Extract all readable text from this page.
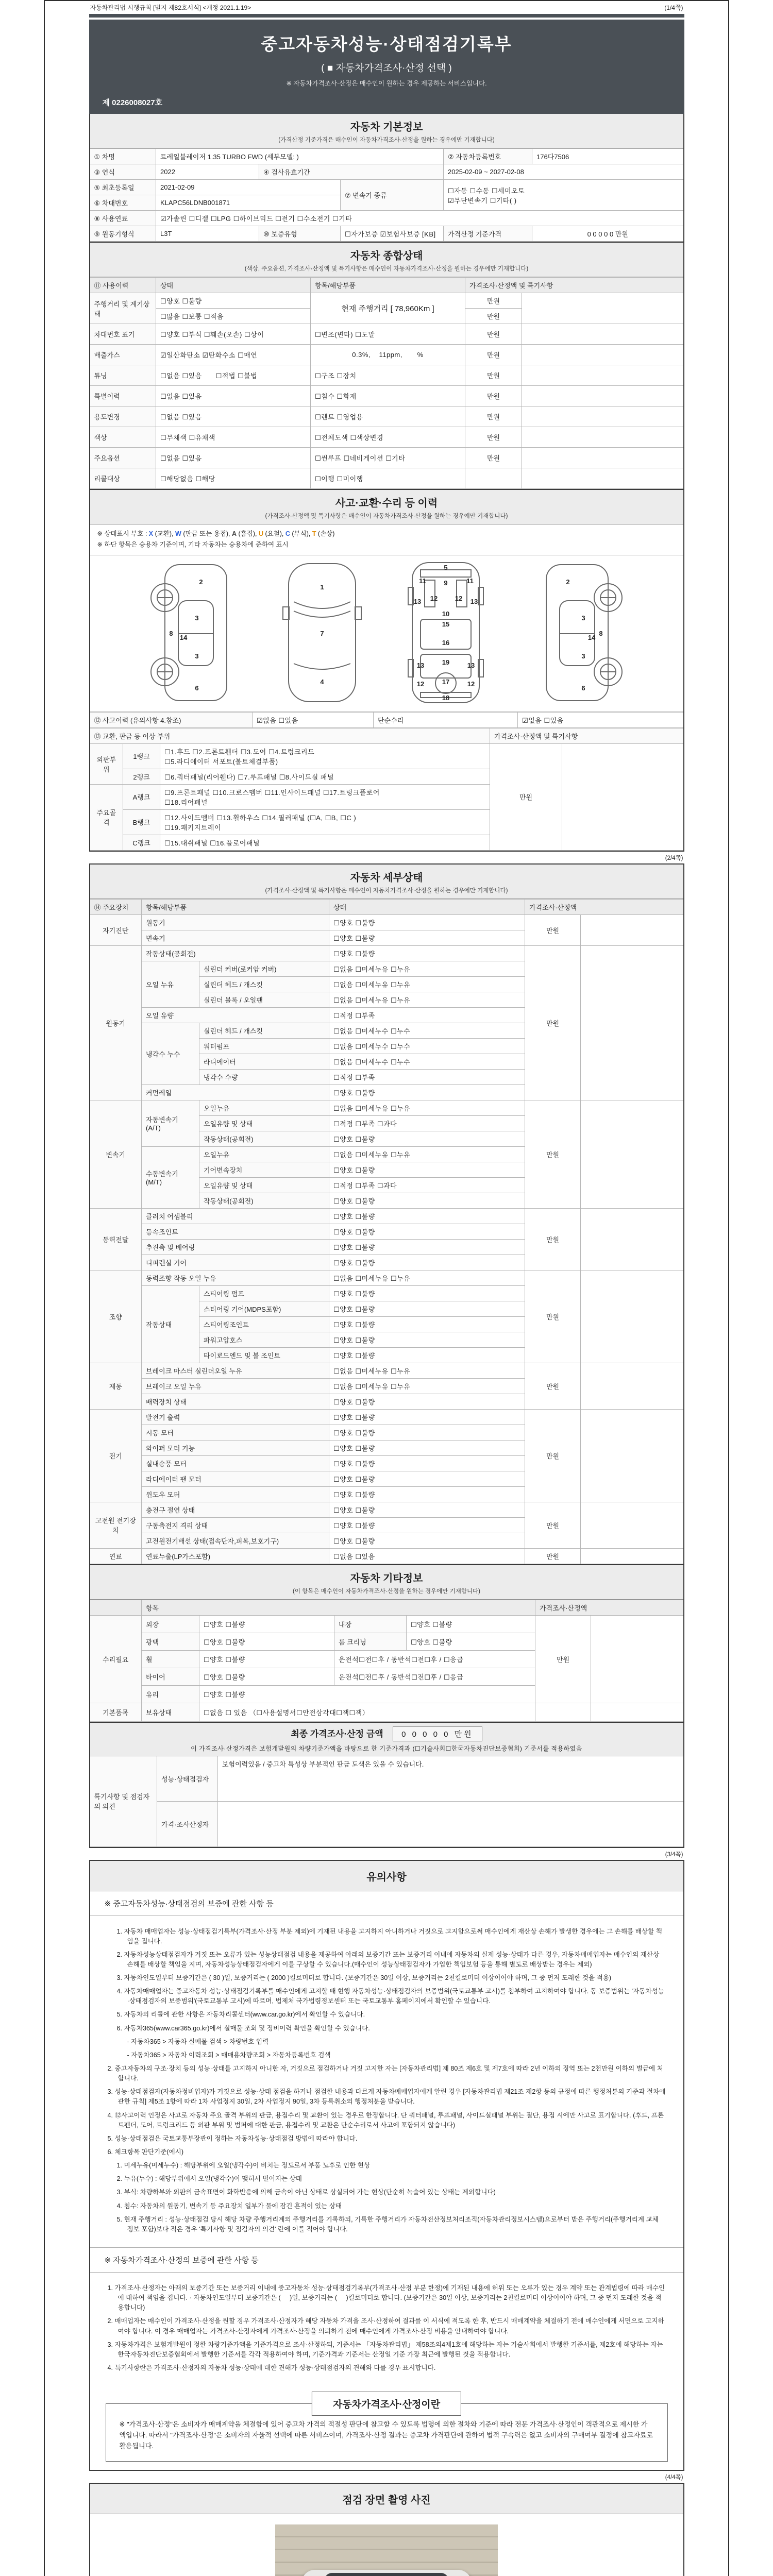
자동차관리법 시행규칙 [별지 제82호서식] <개정 2021.1.19>	(1/4쪽)
중고자동차성능·상태점검기록부
( ■ 자동차가격조사·산정 선택 )
※ 자동차가격조사·산정은 매수인이 원하는 경우 제공하는 서비스입니다.
제 0226008027호
자동차 기본정보
(가격산정 기준가격은 매수인이 자동차가격조사·산정을 원하는 경우에만 기재합니다)
① 차명	트레일블레이저 1.35 TURBO FWD (세부모델: )			② 자동차등록번호	176다7506
③ 연식	2022	④ 검사유효기간		2025-02-09 ~ 2027-02-08	
⑤ 최초등록일	2021-02-09		⑦ 변속기 종류	☐자동 ☐수동 ☐세미오토
☑무단변속기 ☐기타( )	

⑥ 차대번호	KLAPC56LDNB001871				
⑧ 사용연료	☑가솔린 ☐디젤 ☐LPG ☐하이브리드 ☐전기 ☐수소전기 ☐기타				
⑨ 원동기형식	L3T	⑩ 보증유형	☐자가보증 ☑보험사보증 [KB]	가격산정 기준가격	0 0 0 0 0 만원
자동차 종합상태
(색상, 주요옵션, 가격조사·산정액 및 특기사항은 매수인이 자동차가격조사·산정을 원하는 경우에만 기재합니다)
⑪ 사용이력	상태	항목/해당부품	가격조사·산정액 및 특기사항	
주행거리 및 계기상태	☐양호 ☐불량	현재 주행거리 [ 78,960Km ]	만원	
	☐많음 ☐보통 ☐적음		만원	
차대번호 표기	☐양호 ☐부식 ☐훼손(오손) ☐상이	☐변조(변타) ☐도말	만원	
배출가스	☑일산화탄소 ☑탄화수소 ☐매연	0.3%,    11ppm,       %	만원	
튜닝	☐없음 ☐있음  ☐적법 ☐불법	☐구조 ☐장치	만원	
특별이력	☐없음 ☐있음	☐침수 ☐화재	만원	
용도변경	☐없음 ☐있음	☐렌트 ☐영업용	만원	
색상	☐무채색 ☐유채색	☐전체도색 ☐색상변경	만원	
주요옵션	☐없음 ☐있음	☐썬루프 ☐네비게이션 ☐기타	만원	
리콜대상	☐해당없음 ☐해당	☐이행 ☐미이행		
사고·교환·수리 등 이력
(가격조사·산정액 및 특기사항은 매수인이 자동차가격조사·산정을 원하는 경우에만 기재합니다)
※ 상태표시 부호 : X (교환), W (판금 또는 용접), A (흠집), U (요철), C (부식), T (손상)
※ 하단 항목은 승용차 기준이며, 기타 자동차는 승용차에 준하여 표시
2
8
3
3
14
6
1
7
4
5
9
11	11
13	13
12	12
10
15
16
19
13	13
12	12
17
18
2
8
3
3
14
6
⑫ 사고이력 (유의사항 4.참조)	☑없음 ☐있음	단순수리	☑없음 ☐있음
⑬ 교환, 판금 등 이상 부위			가격조사·산정액 및 특기사항	
외판부위	1랭크	☐1.후드 ☐2.프론트휀더 ☐3.도어 ☐4.트렁크리드
☐5.라디에이터 서포트(볼트체결부품)	만원	
	2랭크	☐6.쿼터패널(리어휀다) ☐7.루프패널 ☐8.사이드실 패널		

주요골격	A랭크	☐9.프론트패널 ☐10.크로스멤버 ☐11.인사이드패널 ☐17.트렁크플로어
☐18.리어패널		

	B랭크	☐12.사이드멤버 ☐13.휠하우스 ☐14.필러패널 (☐A, ☐B, ☐C )
☐19.패키지트레이		

	C랭크	☐15.대쉬패널 ☐16.플로어패널		
(2/4쪽)
자동차 세부상태
(가격조사·산정액 및 특기사항은 매수인이 자동차가격조사·산정을 원하는 경우에만 기재합니다)
⑭ 주요장치	항목/해당부품		상태	가격조사·산정액	
자기진단	원동기		☐양호 ☐불량	만원	
	변속기		☐양호 ☐불량		
원동기	작동상태(공회전)		☐양호 ☐불량	만원	
	오일 누유	실린더 커버(로커암 커버)	☐없음 ☐미세누유 ☐누유		
		실린더 헤드 / 개스킷	☐없음 ☐미세누유 ☐누유		
		실린더 블록 / 오일팬	☐없음 ☐미세누유 ☐누유		
	오일 유량		☐적정 ☐부족		
	냉각수 누수	실린더 헤드 / 개스킷	☐없음 ☐미세누수 ☐누수		
		워터펌프	☐없음 ☐미세누수 ☐누수		
		라디에이터	☐없음 ☐미세누수 ☐누수		
		냉각수 수량	☐적정 ☐부족		
	커먼레일		☐양호 ☐불량		
변속기	자동변속기 (A/T)	오일누유	☐없음 ☐미세누유 ☐누유	만원	
		오일유량 및 상태	☐적정 ☐부족 ☐과다		
		작동상태(공회전)	☐양호 ☐불량		
	수동변속기 (M/T)	오일누유	☐없음 ☐미세누유 ☐누유		
		기어변속장치	☐양호 ☐불량		
		오일유량 및 상태	☐적정 ☐부족 ☐과다		
		작동상태(공회전)	☐양호 ☐불량		
동력전달	클러치 어셈블리		☐양호 ☐불량	만원	
	등속조인트		☐양호 ☐불량		
	추진축 및 베어링		☐양호 ☐불량		
	디퍼렌셜 기어		☐양호 ☐불량		
조향	동력조향 작동 오일 누유		☐없음 ☐미세누유 ☐누유	만원	
	작동상태	스티어링 펌프	☐양호 ☐불량		
		스티어링 기어(MDPS포함)	☐양호 ☐불량		
		스티어링조인트	☐양호 ☐불량		
		파워고압호스	☐양호 ☐불량		
		타이로드엔드 및 볼 조인트	☐양호 ☐불량		
제동	브레이크 마스터 실린더오일 누유		☐없음 ☐미세누유 ☐누유	만원	
	브레이크 오일 누유		☐없음 ☐미세누유 ☐누유		
	배력장치 상태		☐양호 ☐불량		
전기	발전기 출력		☐양호 ☐불량	만원	
	시동 모터		☐양호 ☐불량		
	와이퍼 모터 기능		☐양호 ☐불량		
	실내송풍 모터		☐양호 ☐불량		
	라디에이터 팬 모터		☐양호 ☐불량		
	윈도우 모터		☐양호 ☐불량		
고전원 전기장치	충전구 절연 상태		☐양호 ☐불량	만원	
	구동축전지 격리 상태		☐양호 ☐불량		
	고전원전기배선 상태(접속단자,피복,보호기구)		☐양호 ☐불량		
연료	연료누출(LP가스포함)		☐없음 ☐있음	만원	
자동차 기타정보
(이 항목은 매수인이 자동차가격조사·산정을 원하는 경우에만 기재합니다)
	항목				가격조사·산정액	
수리필요	외장	☐양호 ☐불량	내장	☐양호 ☐불량	만원	
	광택	☐양호 ☐불량	룸 크리닝	☐양호 ☐불량		
	휠	☐양호 ☐불량	운전석☐전☐후 / 동반석☐전☐후 / ☐응급			
	타이어	☐양호 ☐불량	운전석☐전☐후 / 동반석☐전☐후 / ☐응급			
	유리	☐양호 ☐불량				
기본품목	보유상태	☐없음 ☐ 있음 （☐사용설명서☐안전삼각대☐잭☐잭）				
최종 가격조사·산정 금액 0 0 0 0 0 만원
이 가격조사·산정가격은 보험개발원의 차량기준가액을 바탕으로 한 기준가격과 (☐기술사회☐한국자동차진단보증협회) 기준서를 적용하였음
특기사항 및 점검자의 의견	성능·상태점검자	보험이력있음 / 중고차 특성상 부분적인 판금 도색은 있을 수 있습니다.
	가격·조사산정자	
(3/4쪽)
유의사항
※ 중고자동차성능·상태점검의 보증에 관한 사항 등

1. 자동차 매매업자는 성능·상태점검기록부(가격조사·산정 부분 제외)에 기재된 내용을 고지하지 아니하거나 거짓으로 고지함으로써 매수인에게 재산상 손해가 발생한 경우에는 그 손해를 배상할 책임을 집니다.

2. 자동차성능상태점검자가 거짓 또는 오류가 있는 성능상태점검 내용을 제공하여 아래의 보증기간 또는 보증거리 이내에 자동차의 실제 성능·상태가 다른 경우, 자동차매매업자는 매수인의 재산상 손해를 배상할 책임을 지며, 자동차성능상태점검자에게 이를 구상할 수 있습니다.(매수인이 성능상태점검자가 가입한 책임보험 등을 통해 별도로 배상받는 경우는 제외)

3. 자동차인도일부터 보증기간은 ( 30 )일, 보증거리는 ( 2000 )킬로미터로 합니다. (보증기간은 30일 이상, 보증거리는 2천킬로미터 이상이어야 하며, 그 중 먼저 도래한 것을 적용)

4. 자동차매매업자는 중고자동차 성능·상태점검기록부를 매수인에게 고지할 때 현행 자동차성능·상태점검자의 보증범위(국토교통부 고시)를 첨부하여 고지하여야 합니다. 동 보증범위는 '자동차성능·상태점검자의 보증범위'(국토교통부 고시)에 따르며, 법제처 국가법령정보센터 또는 국토교통부 홈페이지에서 확인할 수 있습니다.

5. 자동차의 리콜에 관한 사항은 자동차리콜센터(www.car.go.kr)에서 확인할 수 있습니다.

6. 자동차365(www.car365.go.kr)에서 실매물 조회 및 정비이력 확인을 확인할 수 있습니다.

- 자동차365 > 자동차 실매물 검색 > 차량번호 입력

- 자동차365 > 자동차 이력조회 > 매매용차량조회 > 자동차등록번호 검색

2. 중고자동차의 구조·장치 등의 성능·상태를 고지하지 아니한 자, 거짓으로 점검하거나 거짓 고지한 자는 [자동차관리법] 제 80조 제6호 및 제7호에 따라 2년 이하의 징역 또는 2천만원 이하의 벌금에 처합니다.

3. 성능·상태점검자(자동차정비업자)가 거짓으로 성능·상태 점검을 하거나 점검한 내용과 다르게 자동차매매업자에게 알린 경우 [자동차관리법 제21조 제2항 등의 규정에 따른 행정처분의 기준과 절차에 관한 규칙] 제5조 1항에 따라 1차 사업정지 30일, 2차 사업정지 90일, 3차 등록취소의 행정처분을 받습니다.

4. ⑫사고이력 인정은 사고로 자동차 주요 골격 부위의 판금, 용접수리 및 교환이 있는 경우로 한정합니다. 단 쿼터패널, 루프패널, 사이드실패널 부위는 절단, 용접 시에만 사고로 표기합니다. (후드, 프론트펜더, 도어, 트렁크리드 등 외판 부위 및 범퍼에 대한 판금, 용접수리 및 교환은 단순수리로서 사고에 포함되지 않습니다)

5. 성능·상태점검은 국토교통부장관이 정하는 자동차성능·상태점검 방법에 따라야 합니다.

6. 체크항목 판단기준(예시)

1. 미세누유(미세누수) : 해당부위에 오일(냉각수)이 비치는 정도로서 부품 노후로 인한 현상

2. 누유(누수) : 해당부위에서 오일(냉각수)이 맺혀서 떨어지는 상태

3. 부식: 차량하부와 외판의 금속표면이 화학반응에 의해 금속이 아닌 상태로 상실되어 가는 현상(단순히 녹슬어 있는 상태는 제외합니다)

4. 침수: 자동차의 원동기, 변속기 등 주요장치 일부가 물에 잠긴 흔적이 있는 상태

5. 현재 주행거리 : 성능·상태점검 당시 해당 차량 주행거리계의 주행거리를 기록하되, 기록한 주행거리가 자동차전산정보처리조직(자동차관리정보시스템)으로부터 받은 주행거리(주행거리계 교체 정보 포함)보다 적은 경우 '특기사항 및 점검자의 의견' 란에 이를 적어야 합니다.

※ 자동차가격조사·산정의 보증에 관한 사항 등

1. 가격조사·산정자는 아래의 보증기간 또는 보증거리 이내에 중고자동차 성능·상태점검기록부(가격조사·산정 부분 한정)에 기재된 내용에 허위 또는 오류가 있는 경우 계약 또는 관계법령에 따라 매수인에 대하여 책임을 집니다. · 자동차인도일부터 보증기간은 (     )일, 보증거리는 (     )킬로미터로 합니다. (보증기간은 30일 이상, 보증거리는 2천킬로미터 이상이어야 하며, 그 중 먼저 도래한 것을 적용합니다)

2. 매매업자는 매수인이 가격조사·산정을 원할 경우 가격조사·산정자가 해당 자동차 가격을 조사·산정하여 결과를 이 서식에 적도록 한 후, 반드시 매매계약을 체결하기 전에 매수인에게 서면으로 고지하여야 합니다. 이 경우 매매업자는 가격조사·산정자에게 가격조사·산정을 의뢰하기 전에 매수인에게 가격조사·산정 비용을 안내하여야 합니다.

3. 자동차가격은 보험개발원이 정한 차량기준가액을 기준가격으로 조사·산정하되, 기준서는 「자동차관리법」 제58조의4제1호에 해당하는 자는 기술사회에서 발행한 기준서를, 제2호에 해당하는 자는 한국자동차진단보증협회에서 발행한 기준서를 각각 적용하여야 하며, 기준가격과 기준서는 산정일 기준 가장 최근에 발행된 것을 적용합니다.

4. 특기사항란은 가격조사·산정자의 자동차 성능·상태에 대한 견해가 성능·상태점검자의 견해와 다를 경우 표시합니다.

자동차가격조사·산정이란
※ "가격조사·산정"은 소비자가 매매계약을 체결함에 있어 중고차 가격의 적절성 판단에 참고할 수 있도록 법령에 의한 절차와 기준에 따라 전문 가격조사·산정인이 객관적으로 제시한 가액입니다. 따라서 "가격조사·산정"은 소비자의 자율적 선택에 따른 서비스이며, 가격조사·산정 결과는 중고차 가격판단에 관하여 법적 구속력은 없고 소비자의 구매여부 결정에 참고자료로 활용됩니다.
(4/4쪽)
점검 장면 촬영 사진
